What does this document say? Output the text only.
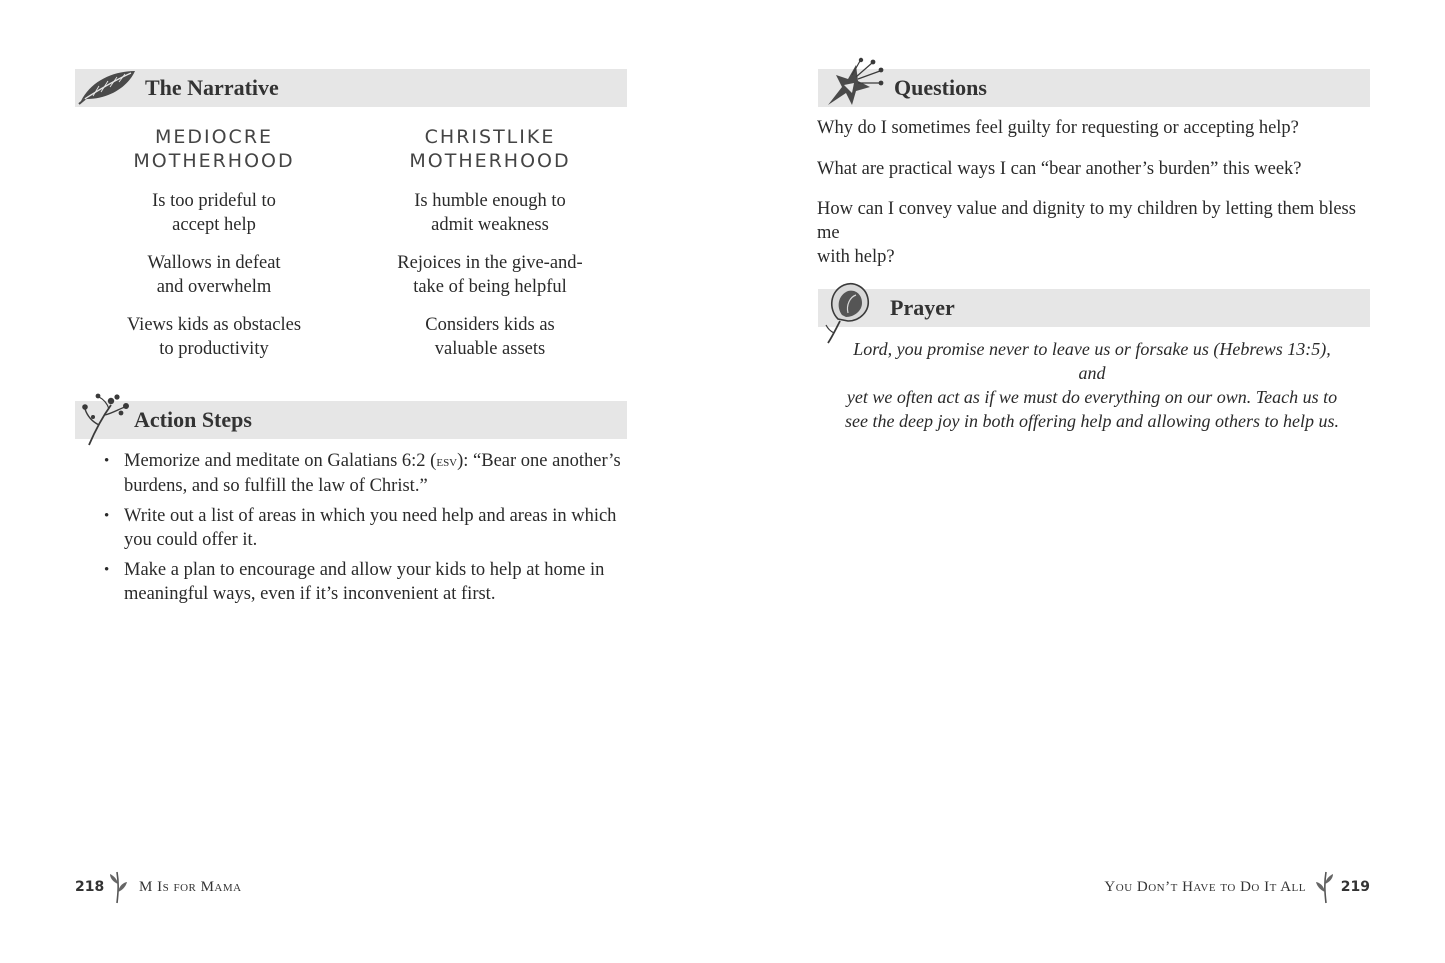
The Narrative
MEDIOCRE
MOTHERHOOD
CHRISTLIKE
MOTHERHOOD
Is too prideful to
accept help
Is humble enough to
admit weakness
Wallows in defeat
and overwhelm
Rejoices in the give-and-
take of being helpful
Views kids as obstacles
to productivity
Considers kids as
valuable assets
Action Steps
• Memorize and meditate on Galatians 6:2 (esv): “Bear one another’s
burdens, and so fulfill the law of Christ.”
• Write out a list of areas in which you need help and areas in which
you could offer it.
• Make a plan to encourage and allow your kids to help at home in
meaningful ways, even if it’s inconvenient at first.
218 M Is for Mama
Questions
Why do I sometimes feel guilty for requesting or accepting help?
What are practical ways I can “bear another’s burden” this week?
How can I convey value and dignity to my children by letting them bless me
with help?
Prayer
Lord, you promise never to leave us or forsake us (Hebrews 13:5), and
yet we often act as if we must do everything on our own. Teach us to
see the deep joy in both offering help and allowing others to help us.
You Don’t Have to Do It All 219
